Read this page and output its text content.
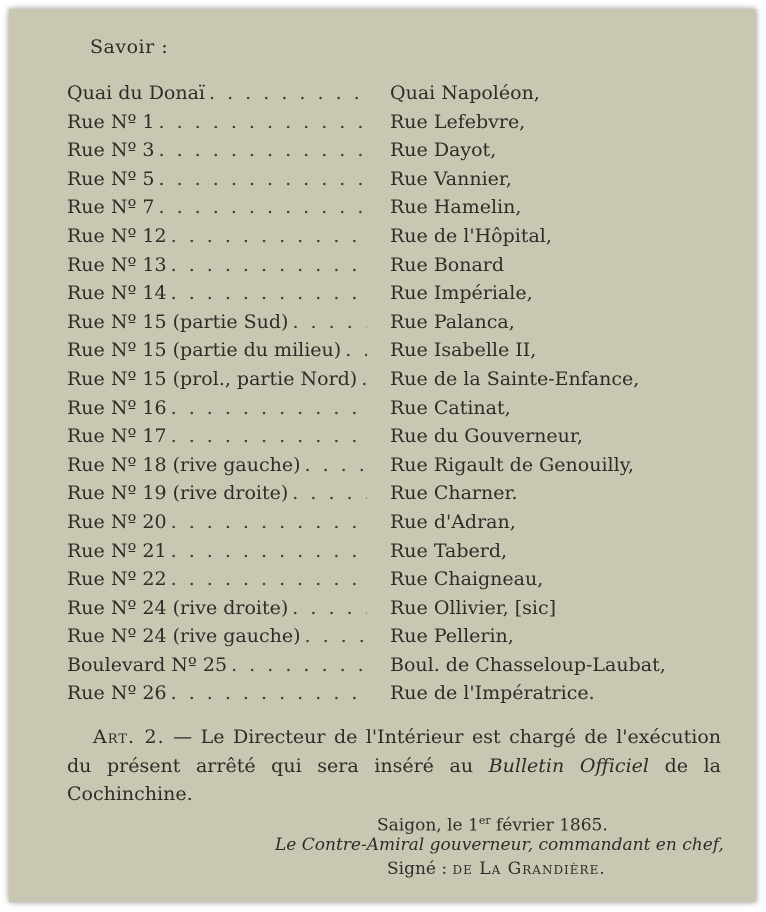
Savoir :
Quai du Donaï . . .	Quai Napoléon,
Rue Nº 1 . . .	Rue Lefebvre,
Rue Nº 3 . . .	Rue Dayot,
Rue Nº 5 . . .	Rue Vannier,
Rue Nº 7 . . .	Rue Hamelin,
Rue Nº 12 . . .	Rue de l'Hôpital,
Rue Nº 13 . . .	Rue Bonard
Rue Nº 14 . . .	Rue Impériale,
Rue Nº 15 (partie Sud) . . .	Rue Palanca,
Rue Nº 15 (partie du milieu) . . .	Rue Isabelle II,
Rue Nº 15 (prol., partie Nord) . . . Rue de la Sainte-Enfance,
Rue Nº 16 . . .	Rue Catinat,
Rue Nº 17 . . .	Rue du Gouverneur,
Rue Nº 18 (rive gauche) . . .	Rue Rigault de Genouilly,
Rue Nº 19 (rive droite) . . .	Rue Charner.
Rue Nº 20 . . .	Rue d'Adran,
Rue Nº 21 . . .	Rue Taberd,
Rue Nº 22 . . .	Rue Chaigneau,
Rue Nº 24 (rive droite) . . .	Rue Ollivier, [sic]
Rue Nº 24 (rive gauche) . . .	Rue Pellerin,
Boulevard Nº 25 . . .	Boul. de Chasseloup-Laubat,
Rue Nº 26 . . .	Rue de l'Impératrice.
Art. 2. — Le Directeur de l'Intérieur est chargé de l'exécution du présent arrêté qui sera inséré au Bulletin Officiel de la Cochinchine.
Saigon, le 1er février 1865.
Le Contre-Amiral gouverneur, commandant en chef,
Signé : de La Grandière.
